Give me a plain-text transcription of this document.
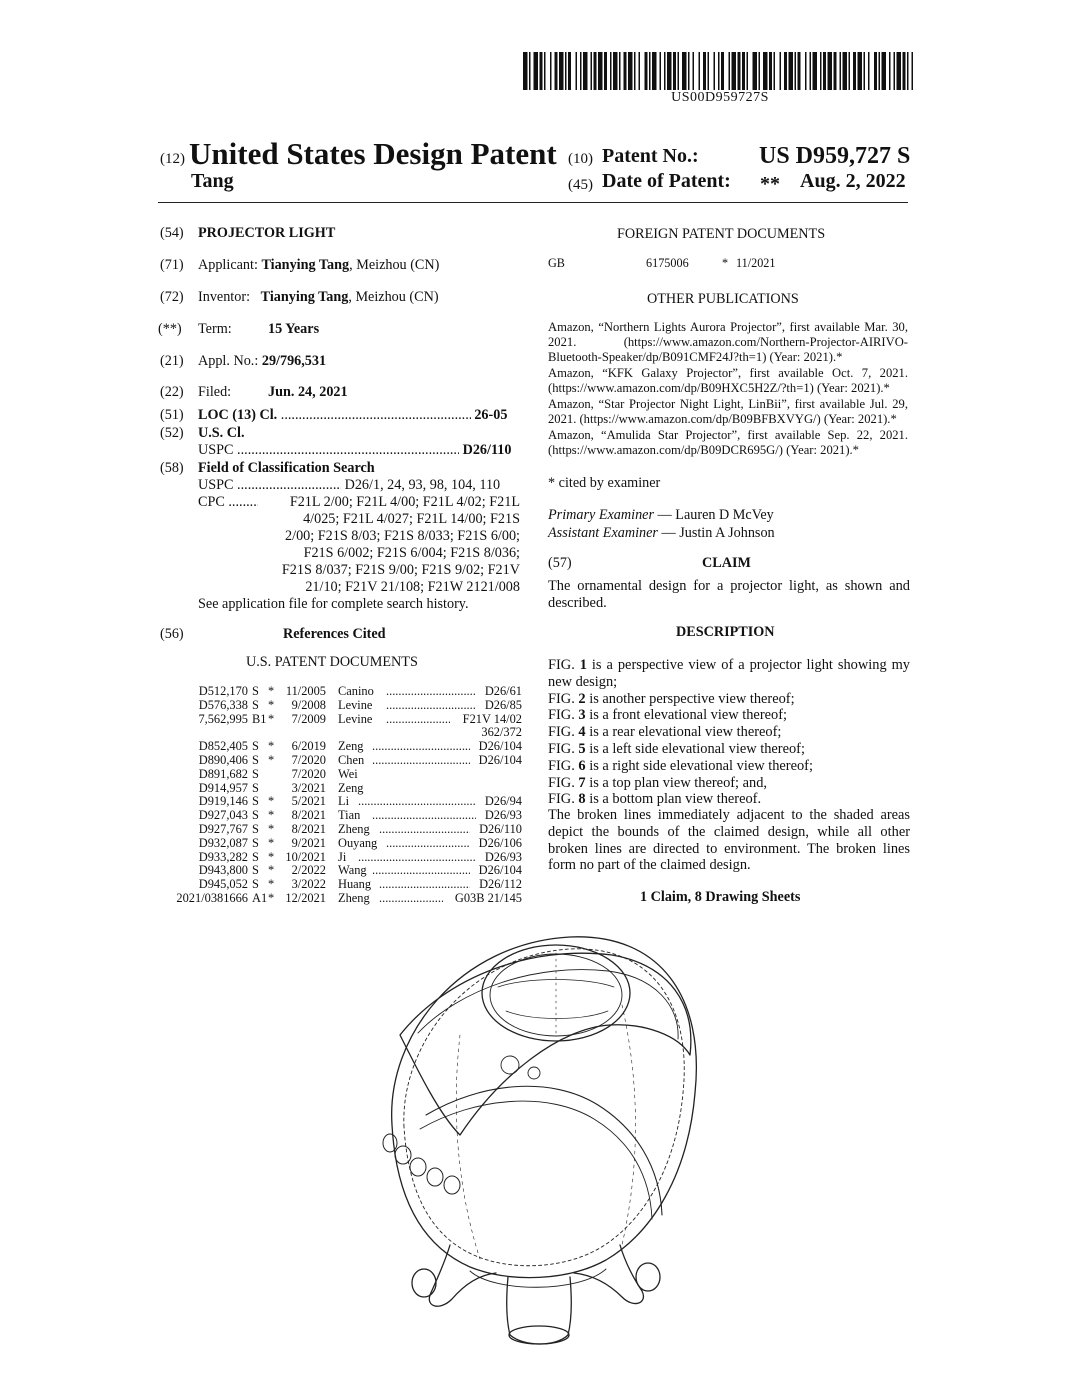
US00D959727S
(12) United States Design Patent
Tang
(10) Patent No.:	US D959,727 S
(45) Date of Patent: ** Aug. 2, 2022
(54) PROJECTOR LIGHT
(71) Applicant: Tianying Tang, Meizhou (CN)
(72) Inventor: Tianying Tang, Meizhou (CN)
(**) Term:	15 Years
(21) Appl. No.: 29/796,531
(22) Filed:	Jun. 24, 2021
(51) LOC (13) Cl. .....	26-05
(52) U.S. Cl.
USPC .....	D26/110
(58) Field of Classification Search
USPC .....	D26/1, 24, 93, 98, 104, 110
CPC .....	F21L 2/00; F21L 4/00; F21L 4/02; F21L
4/025; F21L 4/027; F21L 14/00; F21S
2/00; F21S 8/03; F21S 8/033; F21S 6/00;
F21S 6/002; F21S 6/004; F21S 8/036;
F21S 8/037; F21S 9/00; F21S 9/02; F21V
21/10; F21V 21/108; F21W 2121/008
See application file for complete search history.
(56)	References Cited
U.S. PATENT DOCUMENTS
D512,170 S * 11/2005 Canino .....	D26/61
D576,338 S *	9/2008 Levine .....	D26/85
7,562,995 B1 *	7/2009 Levine .....	F21V 14/02
362/372
D852,405 S *	6/2019 Zeng .....	D26/104
D890,406 S *	7/2020 Chen .....	D26/104
D891,682 S	7/2020 Wei
D914,957 S	3/2021 Zeng
D919,146 S *	5/2021 Li .....	D26/94
D927,043 S *	8/2021 Tian .....	D26/93
D927,767 S *	8/2021 Zheng .....	D26/110
D932,087 S *	9/2021 Ouyang .....	D26/106
D933,282 S * 10/2021 Ji .....	D26/93
D943,800 S *	2/2022 Wang .....	D26/104
D945,052 S *	3/2022 Huang .....	D26/112
2021/0381666 A1 * 12/2021 Zheng .....	G03B 21/145
FOREIGN PATENT DOCUMENTS
GB	6175006	* 11/2021
OTHER PUBLICATIONS
Amazon, “Northern Lights Aurora Projector”, first available Mar. 30, 2021. (https://www.amazon.com/Northern-Projector-AIRIVO-Bluetooth-Speaker/dp/B091CMF24J?th=1) (Year: 2021).*
Amazon, “KFK Galaxy Projector”, first available Oct. 7, 2021. (https://www.amazon.com/dp/B09HXC5H2Z/?th=1) (Year: 2021).*
Amazon, “Star Projector Night Light, LinBii”, first available Jul. 29, 2021. (https://www.amazon.com/dp/B09BFBXVYG/) (Year: 2021).*
Amazon, “Amulida Star Projector”, first available Sep. 22, 2021. (https://www.amazon.com/dp/B09DCR695G/) (Year: 2021).*
* cited by examiner
Primary Examiner — Lauren D McVey
Assistant Examiner — Justin A Johnson
(57)	CLAIM
The ornamental design for a projector light, as shown and described.
DESCRIPTION
FIG. 1 is a perspective view of a projector light showing my new design;
FIG. 2 is another perspective view thereof;
FIG. 3 is a front elevational view thereof;
FIG. 4 is a rear elevational view thereof;
FIG. 5 is a left side elevational view thereof;
FIG. 6 is a right side elevational view thereof;
FIG. 7 is a top plan view thereof; and,
FIG. 8 is a bottom plan view thereof.
The broken lines immediately adjacent to the shaded areas depict the bounds of the claimed design, while all other broken lines are directed to environment. The broken lines form no part of the claimed design.
1 Claim, 8 Drawing Sheets
